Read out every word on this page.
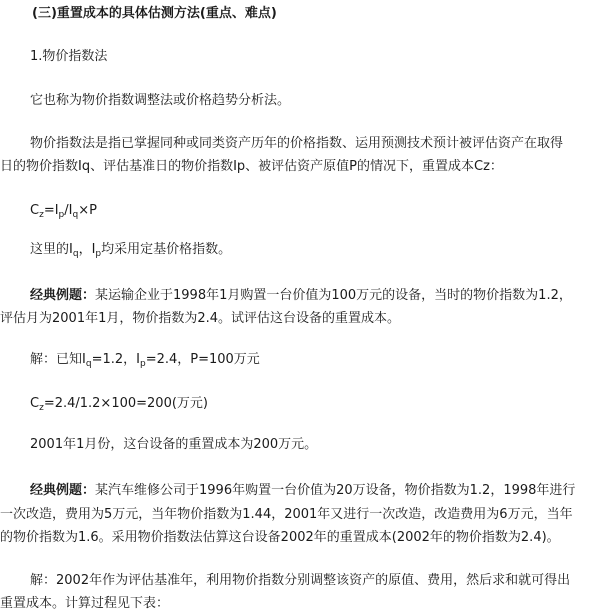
(三)重置成本的具体估测方法(重点、难点)
1.物价指数法
它也称为物价指数调整法或价格趋势分析法。
物价指数法是指已掌握同种或同类资产历年的价格指数、运用预测技术预计被评估资产在取得
日的物价指数Iq、评估基准日的物价指数Ip、被评估资产原值P的情况下，重置成本Cz：
$C_z=I_p/I_q\times P$
这里的$I_q$，$I_p$均采用定基价格指数。
经典例题：某运输企业于1998年1月购置一台价值为100万元的设备，当时的物价指数为1.2，
评估月为2001年1月，物价指数为2.4。试评估这台设备的重置成本。
解：已知$I_q=1.2$，$I_p=2.4$，P=100万元
$C_z=2.4/1.2\times 100=200$(万元)
2001年1月份，这台设备的重置成本为200万元。
经典例题：某汽车维修公司于1996年购置一台价值为20万设备，物价指数为1.2，1998年进行
一次改造，费用为5万元，当年物价指数为1.44，2001年又进行一次改造，改造费用为6万元，当年
的物价指数为1.6。采用物价指数法估算这台设备2002年的重置成本(2002年的物价指数为2.4)。
解：2002年作为评估基准年，利用物价指数分别调整该资产的原值、费用，然后求和就可得出
重置成本。计算过程见下表：
